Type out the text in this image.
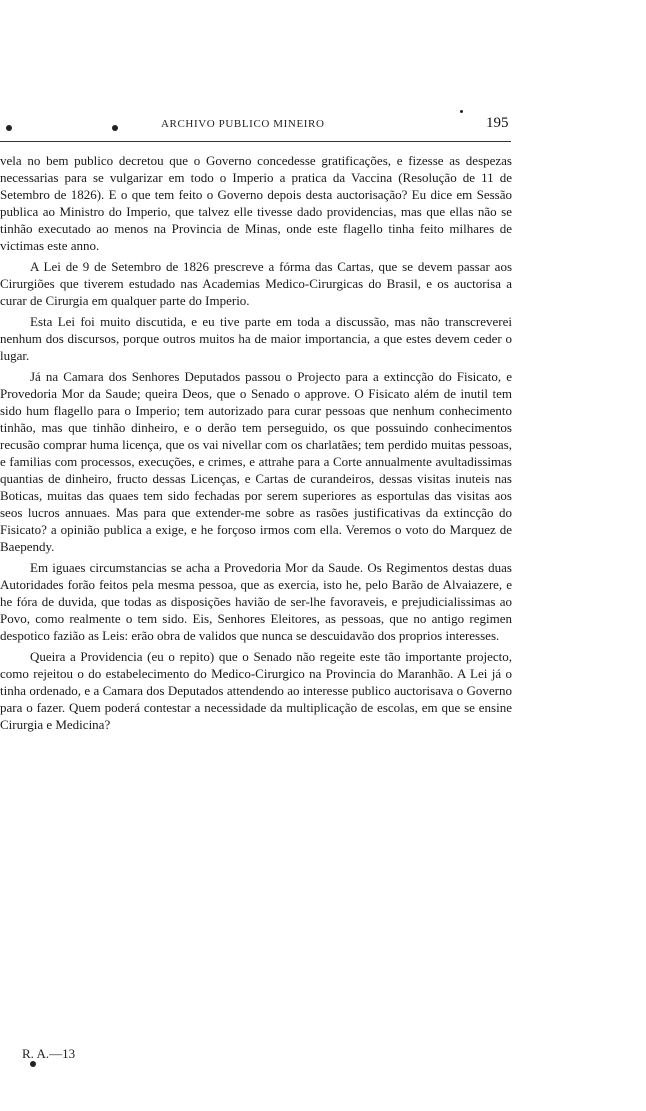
ARCHIVO PUBLICO MINEIRO	195

vela no bem publico decretou que o Governo concedesse gratificações, e fizesse as despezas necessarias para se vulgarizar em todo o Imperio a pratica da Vaccina (Resolução de 11 de Setembro de 1826). E o que tem feito o Governo depois desta auctorisação? Eu dice em Sessão publica ao Ministro do Imperio, que talvez elle tivesse dado providencias, mas que ellas não se tinhão executado ao menos na Provincia de Minas, onde este flagello tinha feito milhares de victimas este anno.

A Lei de 9 de Setembro de 1826 prescreve a fórma das Cartas, que se devem passar aos Cirurgiões que tiverem estudado nas Academias Medico-Cirurgicas do Brasil, e os auctorisa a curar de Cirurgia em qualquer parte do Imperio.

Esta Lei foi muito discutida, e eu tive parte em toda a discussão, mas não transcreverei nenhum dos discursos, porque outros muitos ha de maior importancia, a que estes devem ceder o lugar.

Já na Camara dos Senhores Deputados passou o Projecto para a extincção do Fisicato, e Provedoria Mor da Saude; queira Deos, que o Senado o approve. O Fisicato além de inutil tem sido hum flagello para o Imperio; tem autorizado para curar pessoas que nenhum conhecimento tinhão, mas que tinhão dinheiro, e o derão tem perseguido, os que possuindo conhecimentos recusão comprar huma licença, que os vai nivellar com os charlatães; tem perdido muitas pessoas, e familias com processos, execuções, e crimes, e attrahe para a Corte annualmente avultadissimas quantias de dinheiro, fructo dessas Licenças, e Cartas de curandeiros, dessas visitas inuteis nas Boticas, muitas das quaes tem sido fechadas por serem superiores as esportulas das visitas aos seos lucros annuaes. Mas para que extender-me sobre as rasões justificativas da extincção do Fisicato? a opinião publica a exige, e he forçoso irmos com ella. Veremos o voto do Marquez de Baependy.

Em iguaes circumstancias se acha a Provedoria Mor da Saude. Os Regimentos destas duas Autoridades forão feitos pela mesma pessoa, que as exercia, isto he, pelo Barão de Alvaiazere, e he fóra de duvida, que todas as disposições havião de ser-lhe favoraveis, e prejudicialissimas ao Povo, como realmente o tem sido. Eis, Senhores Eleitores, as pessoas, que no antigo regimen despotico fazião as Leis: erão obra de validos que nunca se descuidavão dos proprios interesses.

Queira a Providencia (eu o repito) que o Senado não regeite este tão importante projecto, como rejeitou o do estabelecimento do Medico-Cirurgico na Provincia do Maranhão. A Lei já o tinha ordenado, e a Camara dos Deputados attendendo ao interesse publico auctorisava o Governo para o fazer. Quem poderá contestar a necessidade da multiplicação de escolas, em que se ensine Cirurgia e Medicina?

R. A.—13
